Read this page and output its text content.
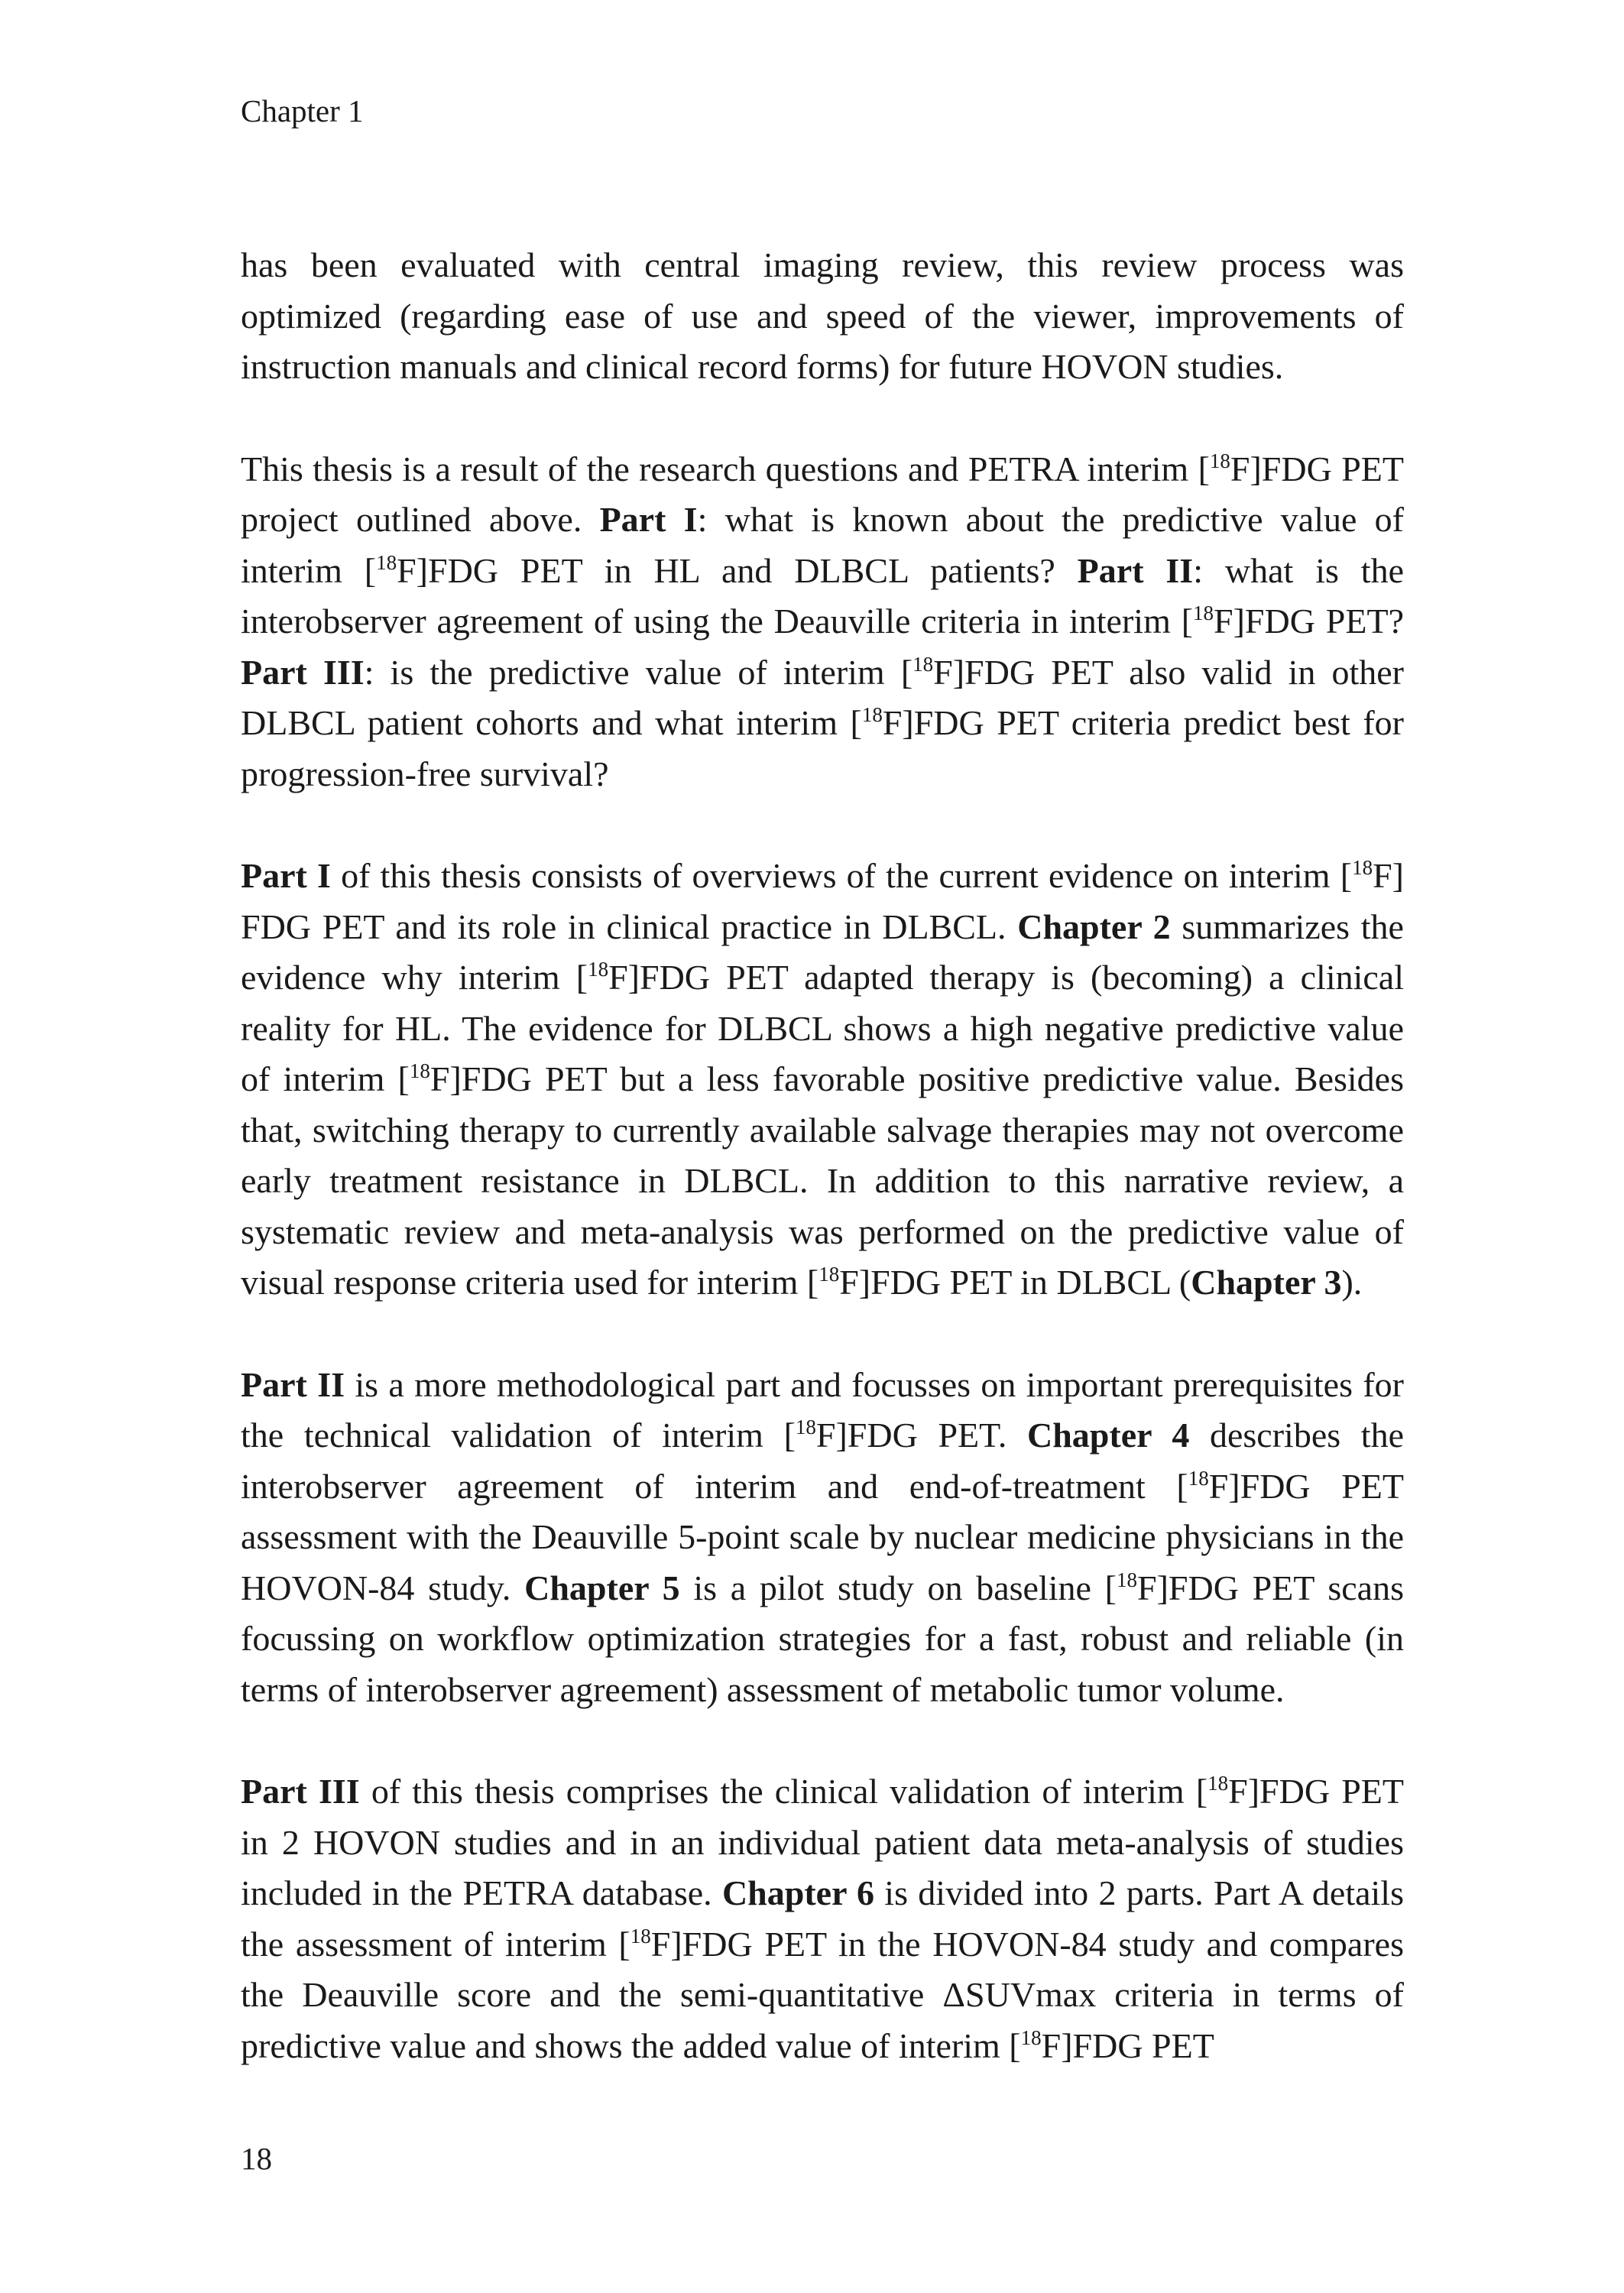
Chapter 1

has been evaluated with central imaging review, this review process was optimized (regarding ease of use and speed of the viewer, improvements of instruction manuals and clinical record forms) for future HOVON studies.

This thesis is a result of the research questions and PETRA interim [$^{18}$F]FDG PET project outlined above. Part I: what is known about the predictive value of interim [$^{18}$F]FDG PET in HL and DLBCL patients? Part II: what is the interobserver agreement of using the Deauville criteria in interim [$^{18}$F]FDG PET? Part III: is the predictive value of interim [$^{18}$F]FDG PET also valid in other DLBCL patient cohorts and what interim [$^{18}$F]FDG PET criteria predict best for progression-free survival?

Part I of this thesis consists of overviews of the current evidence on interim [$^{18}$F] FDG PET and its role in clinical practice in DLBCL. Chapter 2 summarizes the evidence why interim [$^{18}$F]FDG PET adapted therapy is (becoming) a clinical reality for HL. The evidence for DLBCL shows a high negative predictive value of interim [$^{18}$F]FDG PET but a less favorable positive predictive value. Besides that, switching therapy to currently available salvage therapies may not overcome early treatment resistance in DLBCL. In addition to this narrative review, a systematic review and meta-analysis was performed on the predictive value of visual response criteria used for interim [$^{18}$F]FDG PET in DLBCL (Chapter 3).

Part II is a more methodological part and focusses on important prerequisites for the technical validation of interim [$^{18}$F]FDG PET. Chapter 4 describes the interobserver agreement of interim and end-of-treatment [$^{18}$F]FDG PET assessment with the Deauville 5-point scale by nuclear medicine physicians in the HOVON-84 study. Chapter 5 is a pilot study on baseline [$^{18}$F]FDG PET scans focussing on workflow optimization strategies for a fast, robust and reliable (in terms of interobserver agreement) assessment of metabolic tumor volume.

Part III of this thesis comprises the clinical validation of interim [$^{18}$F]FDG PET in 2 HOVON studies and in an individual patient data meta-analysis of studies included in the PETRA database. Chapter 6 is divided into 2 parts. Part A details the assessment of interim [$^{18}$F]FDG PET in the HOVON-84 study and compares the Deauville score and the semi-quantitative ΔSUVmax criteria in terms of predictive value and shows the added value of interim [$^{18}$F]FDG PET

18
